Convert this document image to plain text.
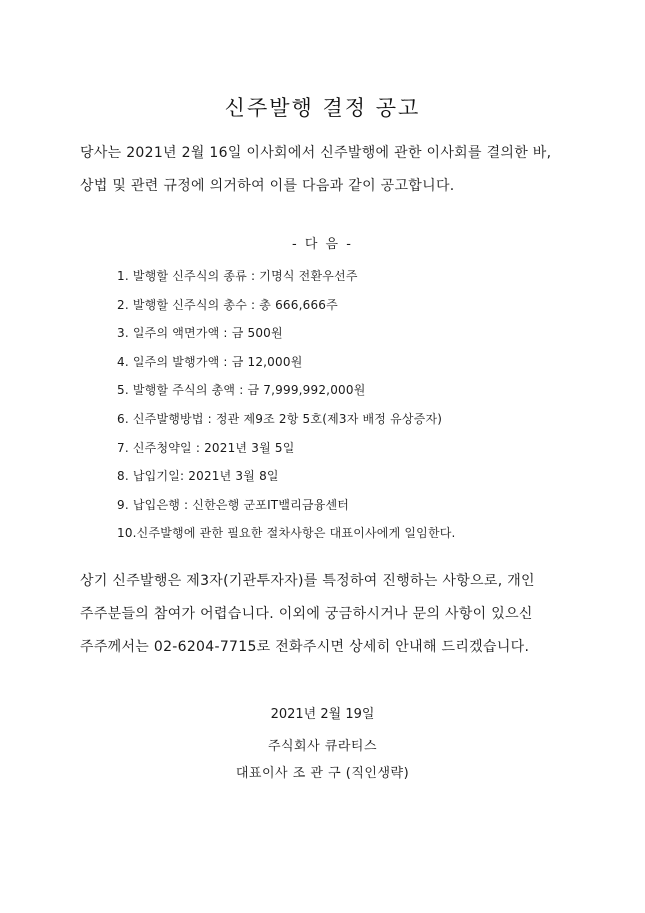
신주발행 결정 공고
당사는 2021년 2월 16일 이사회에서 신주발행에 관한 이사회를 결의한 바,
상법 및 관련 규정에 의거하여 이를 다음과 같이 공고합니다.
- 다 음 -
1. 발행할 신주식의 종류 : 기명식 전환우선주
2. 발행할 신주식의 총수 : 총 666,666주
3. 일주의 액면가액 : 금 500원
4. 일주의 발행가액 : 금 12,000원
5. 발행할 주식의 총액 : 금 7,999,992,000원
6. 신주발행방법 : 정관 제9조 2항 5호(제3자 배정 유상증자)
7. 신주청약일 : 2021년 3월 5일
8. 납입기일: 2021년 3월 8일
9. 납입은행 : 신한은행 군포IT밸리금융센터
10.신주발행에 관한 필요한 절차사항은 대표이사에게 일임한다.
상기 신주발행은 제3자(기관투자자)를 특정하여 진행하는 사항으로, 개인
주주분들의 참여가 어렵습니다. 이외에 궁금하시거나 문의 사항이 있으신
주주께서는 02-6204-7715로 전화주시면 상세히 안내해 드리겠습니다.
2021년 2월 19일
주식회사 큐라티스
대표이사 조 관 구 (직인생략)
